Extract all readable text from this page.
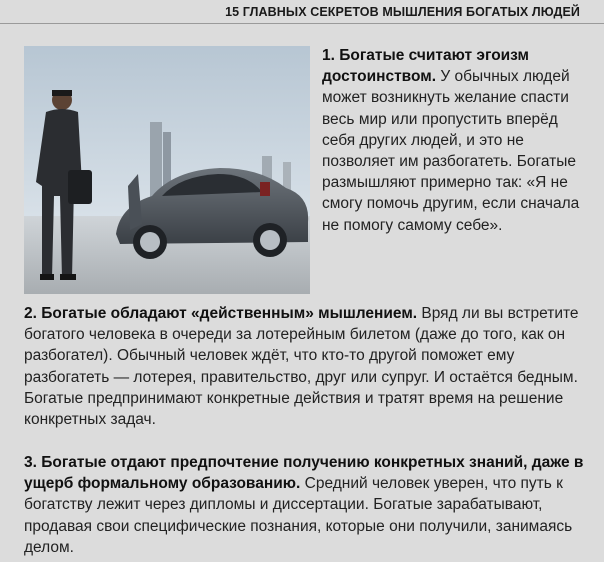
15 ГЛАВНЫХ СЕКРЕТОВ МЫШЛЕНИЯ БОГАТЫХ ЛЮДЕЙ
1. Богатые считают эгоизм достоинством. У обычных людей может возникнуть желание спасти весь мир или пропустить вперёд себя других людей, и это не позволяет им разбогатеть. Богатые размышляют примерно так: «Я не смогу помочь другим, если сначала не помогу самому себе».
2. Богатые обладают «действенным» мышлением. Вряд ли вы встретите богатого человека в очереди за лотерейным билетом (даже до того, как он разбогател). Обычный человек ждёт, что кто-то другой поможет ему разбогатеть — лотерея, правительство, друг или супруг. И остаётся бедным. Богатые предпринимают конкретные действия и тратят время на решение конкретных задач.
3. Богатые отдают предпочтение получению конкретных знаний, даже в ущерб формальному образованию. Средний человек уверен, что путь к богатству лежит через дипломы и диссертации. Богатые зарабатывают, продавая свои специфические познания, которые они получили, занимаясь делом.
